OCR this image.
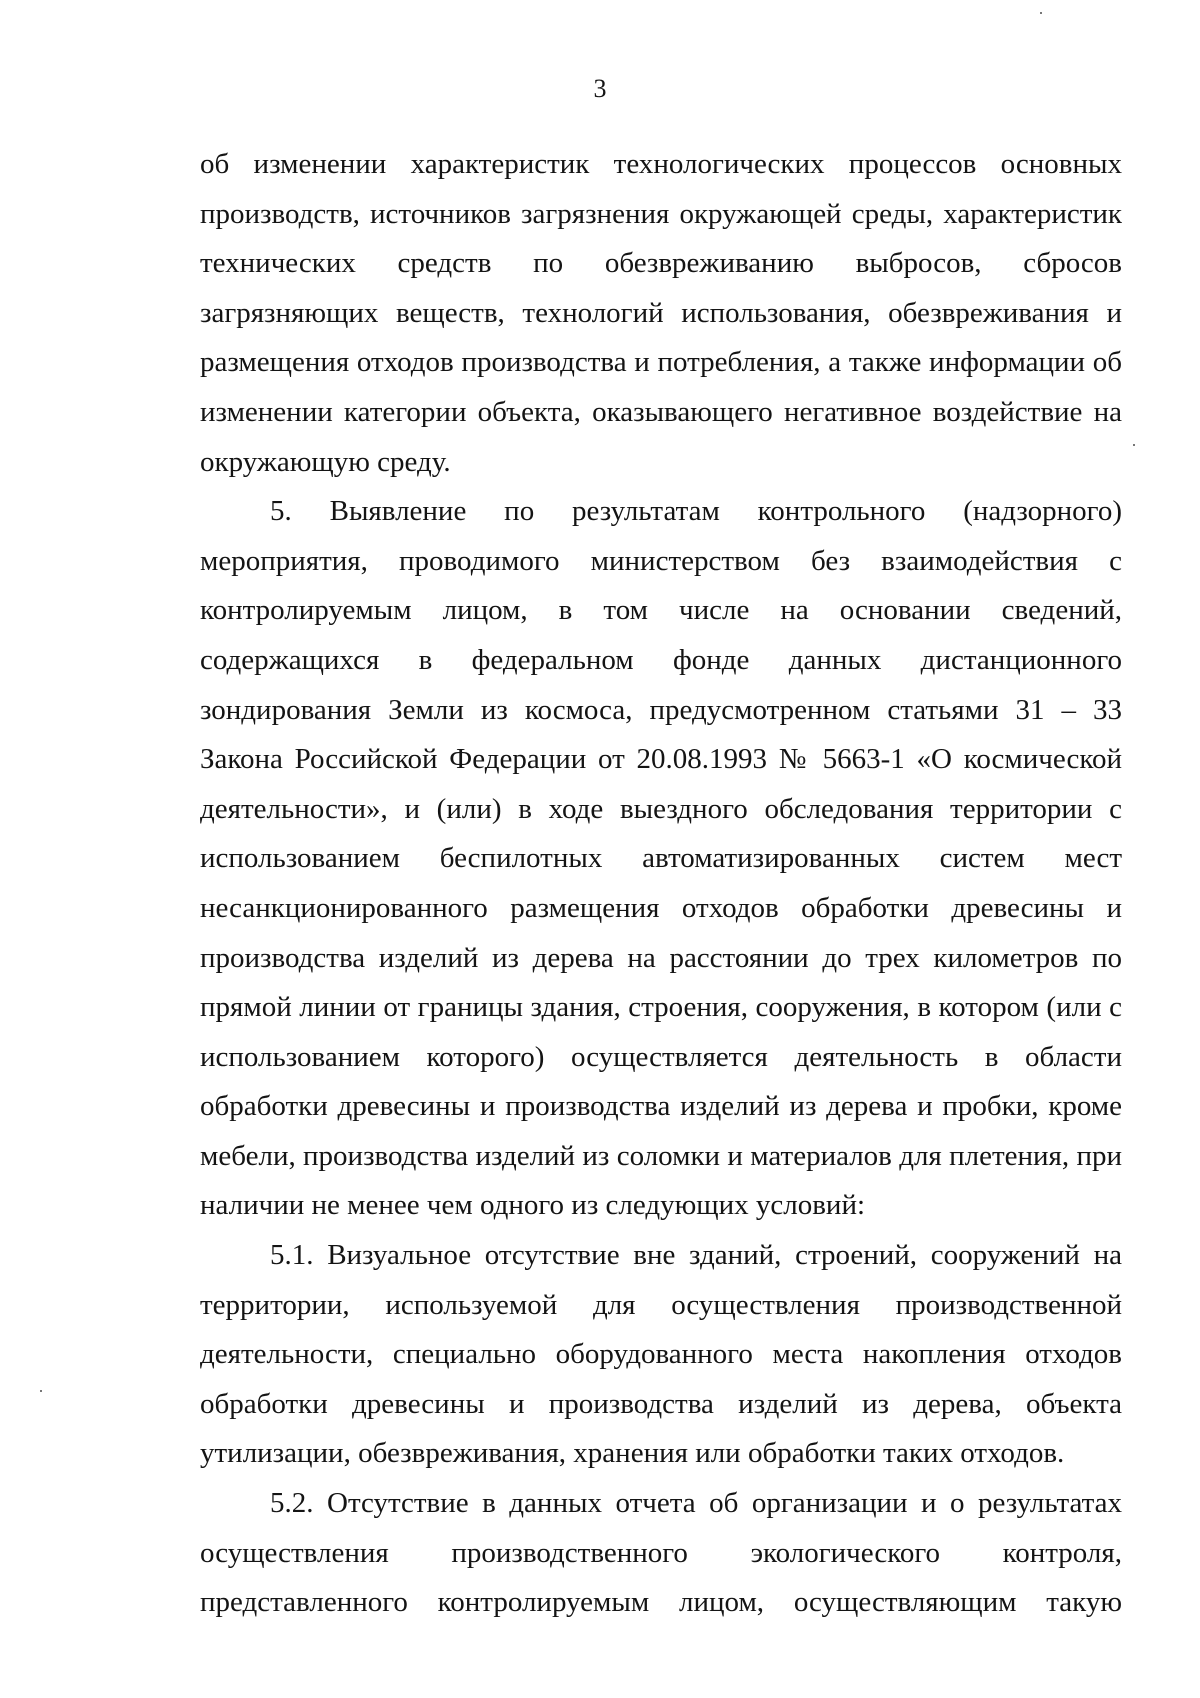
3

об изменении характеристик технологических процессов основных производств, источников загрязнения окружающей среды, характеристик технических средств по обезвреживанию выбросов, сбросов загрязняющих веществ, технологий использования, обезвреживания и размещения отходов производства и потребления, а также информации об изменении категории объекта, оказывающего негативное воздействие на окружающую среду.

5. Выявление по результатам контрольного (надзорного) мероприятия, проводимого министерством без взаимодействия с контролируемым лицом, в том числе на основании сведений, содержащихся в федеральном фонде данных дистанционного зондирования Земли из космоса, предусмотренном статьями 31 – 33 Закона Российской Федерации от 20.08.1993 № 5663-1 «О космической деятельности», и (или) в ходе выездного обследования территории с использованием беспилотных автоматизированных систем мест несанкционированного размещения отходов обработки древесины и производства изделий из дерева на расстоянии до трех километров по прямой линии от границы здания, строения, сооружения, в котором (или с использованием которого) осуществляется деятельность в области обработки древесины и производства изделий из дерева и пробки, кроме мебели, производства изделий из соломки и материалов для плетения, при наличии не менее чем одного из следующих условий:

5.1. Визуальное отсутствие вне зданий, строений, сооружений на территории, используемой для осуществления производственной деятельности, специально оборудованного места накопления отходов обработки древесины и производства изделий из дерева, объекта утилизации, обезвреживания, хранения или обработки таких отходов.

5.2. Отсутствие в данных отчета об организации и о результатах осуществления производственного экологического контроля, представленного контролируемым лицом, осуществляющим такую
